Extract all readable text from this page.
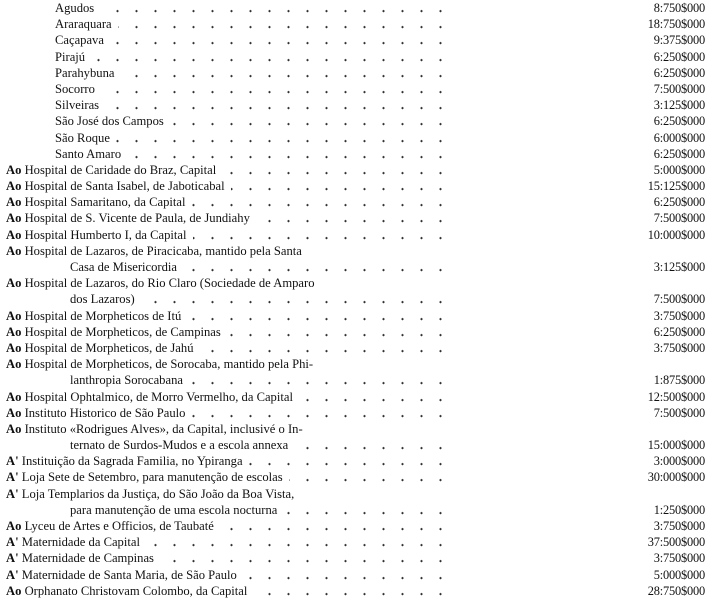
Agudos	8:750$000
Araraquara	18:750$000
Caçapava	9:375$000
Pirajú	6:250$000
Parahybuna	6:250$000
Socorro	7:500$000
Silveiras	3:125$000
São José dos Campos	6:250$000
São Roque	6:000$000
Santo Amaro	6:250$000
Ao Hospital de Caridade do Braz, Capital	5:000$000
Ao Hospital de Santa Isabel, de Jaboticabal	15:125$000
Ao Hospital Samaritano, da Capital	6:250$000
Ao Hospital de S. Vicente de Paula, de Jundiahy	7:500$000
Ao Hospital Humberto I, da Capital	10:000$000
Ao Hospital de Lazaros, de Piracicaba, mantido pela Santa
Casa de Misericordia	3:125$000
Ao Hospital de Lazaros, do Rio Claro (Sociedade de Amparo
dos Lazaros)	7:500$000
Ao Hospital de Morpheticos de Itú	3:750$000
Ao Hospital de Morpheticos, de Campinas	6:250$000
Ao Hospital de Morpheticos, de Jahú	3:750$000
Ao Hospital de Morpheticos, de Sorocaba, mantido pela Phi-
lanthropia Sorocabana	1:875$000
Ao Hospital Ophtalmico, de Morro Vermelho, da Capital	12:500$000
Ao Instituto Historico de São Paulo	7:500$000
Ao Instituto «Rodrigues Alves», da Capital, inclusivé o In-
ternato de Surdos-Mudos e a escola annexa	15:000$000
A' Instituição da Sagrada Familia, no Ypiranga	3:000$000
A' Loja Sete de Setembro, para manutenção de escolas	30:000$000
A' Loja Templarios da Justiça, do São João da Boa Vista,
para manutenção de uma escola nocturna	1:250$000
Ao Lyceu de Artes e Officios, de Taubaté	3:750$000
A' Maternidade da Capital	37:500$000
A' Maternidade de Campinas	3:750$000
A' Maternidade de Santa Maria, de São Paulo	5:000$000
Ao Orphanato Christovam Colombo, da Capital	28:750$000
